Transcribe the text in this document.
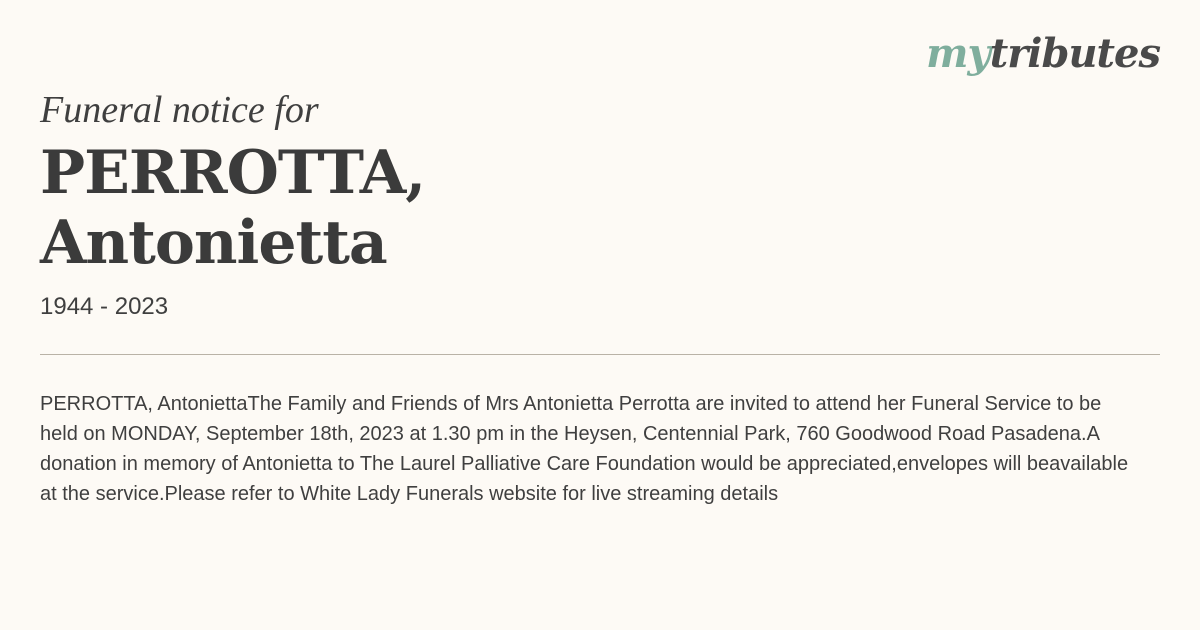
mytributes

Funeral notice for

PERROTTA,
Antonietta

1944 - 2023

PERROTTA, AntoniettaThe Family and Friends of Mrs Antonietta Perrotta are invited to attend her Funeral Service to be held on MONDAY, September 18th, 2023 at 1.30 pm in the Heysen, Centennial Park, 760 Goodwood Road Pasadena.A donation in memory of Antonietta to The Laurel Palliative Care Foundation would be appreciated,envelopes will beavailable at the service.Please refer to White Lady Funerals website for live streaming details
